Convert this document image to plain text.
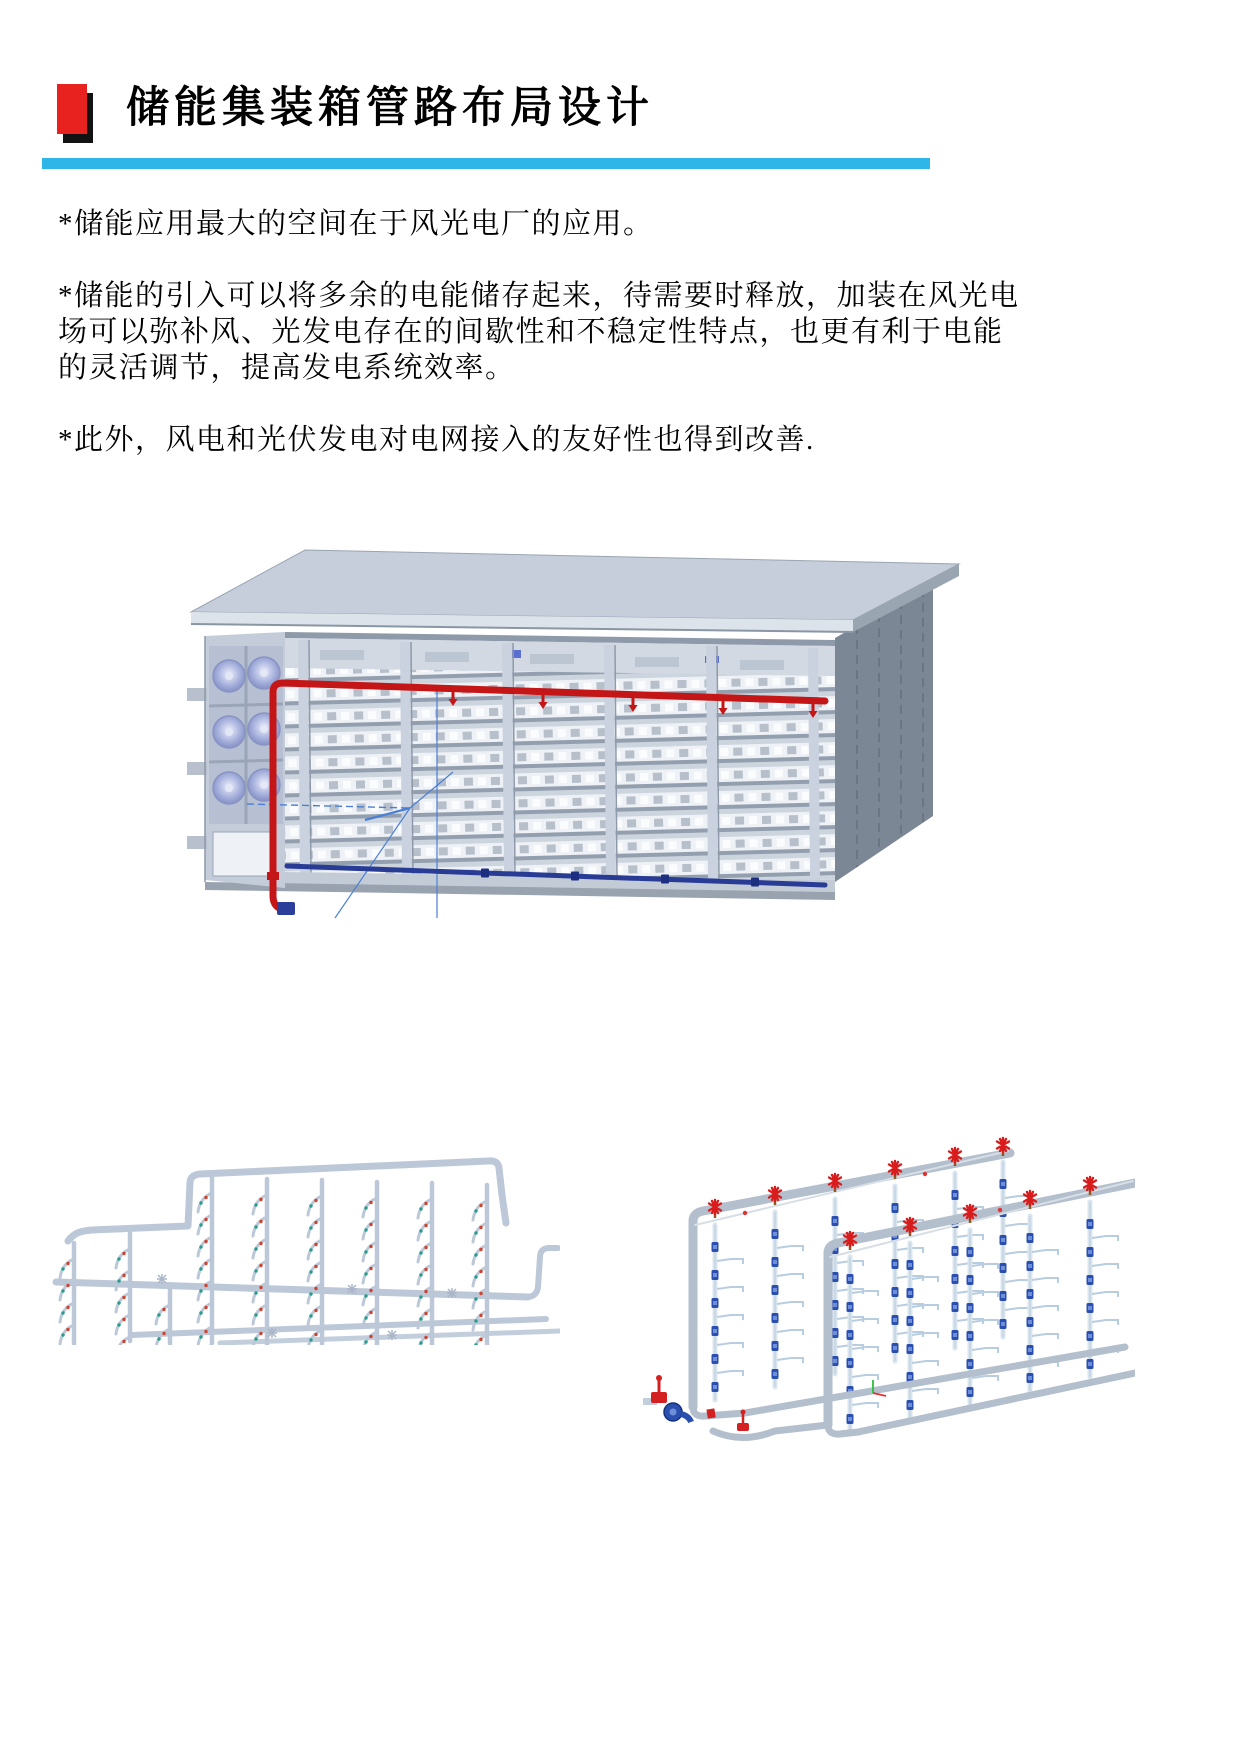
储能集装箱管路布局设计

*储能应用最大的空间在于风光电厂的应用。

*储能的引入可以将多余的电能储存起来，待需要时释放，加装在风光电场可以弥补风、光发电存在的间歇性和不稳定性特点，也更有利于电能的灵活调节，提高发电系统效率。

*此外，风电和光伏发电对电网接入的友好性也得到改善.
